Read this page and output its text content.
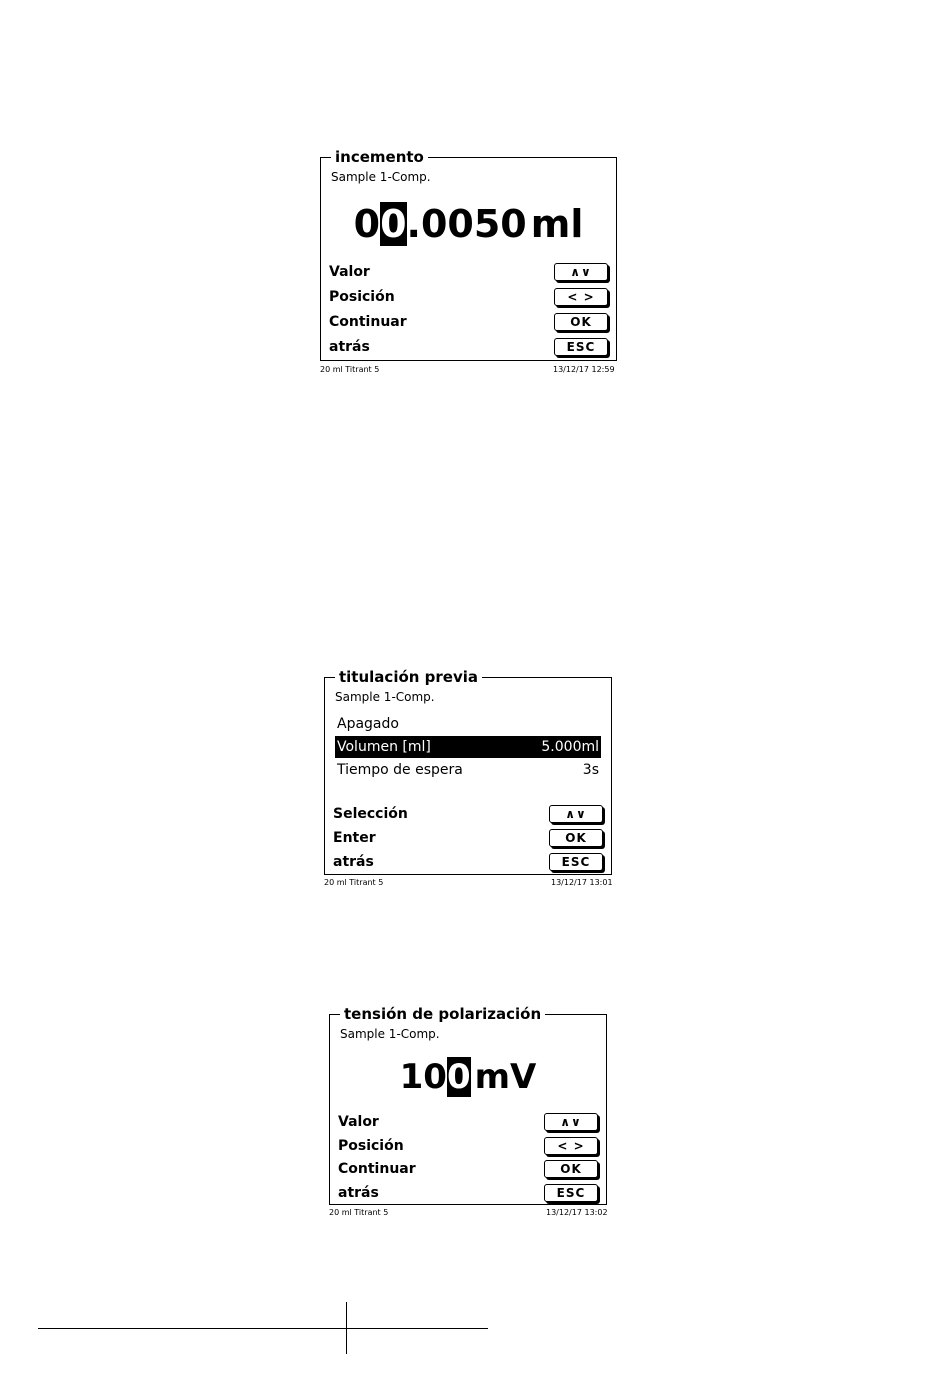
incemento
Sample 1-Comp.
00.0050 ml
Valor	∧∨
Posición	< >
Continuar	OK
atrás	ESC
20 ml Titrant 5	13/12/17 12:59
titulación previa
Sample 1-Comp.
Apagado
Volumen [ml]	5.000ml
Tiempo de espera	3s
Selección	∧∨
Enter	OK
atrás	ESC
20 ml Titrant 5	13/12/17 13:01
tensión de polarización
Sample 1-Comp.
100 mV
Valor	∧∨
Posición	< >
Continuar	OK
atrás	ESC
20 ml Titrant 5	13/12/17 13:02
